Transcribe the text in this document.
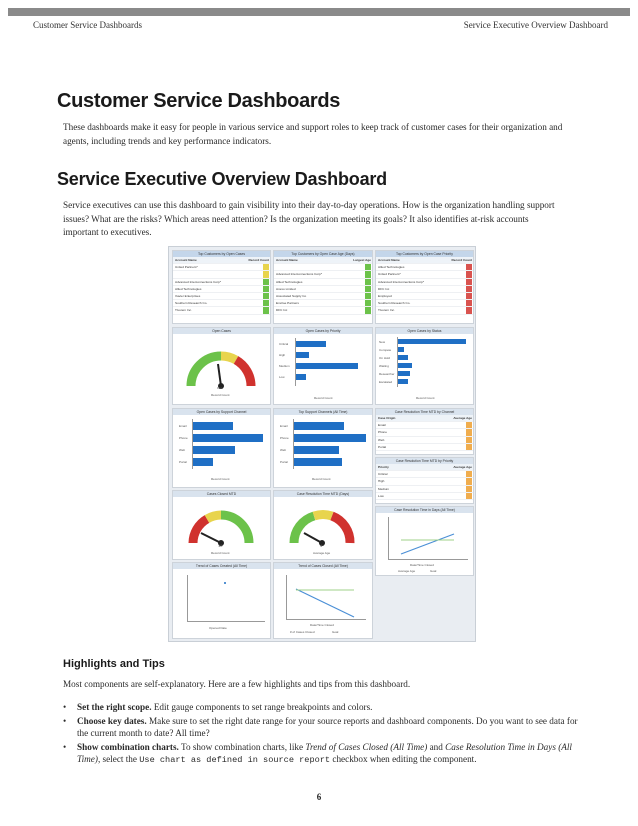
Customer Service Dashboards	Service Executive Overview Dashboard
Customer Service Dashboards

These dashboards make it easy for people in various service and support roles to keep track of customer cases for their organization and agents, including trends and key performance indicators.

Service Executive Overview Dashboard

Service executives can use this dashboard to gain visibility into their day-to-day operations. How is the organization handling support issues? What are the risks? Which areas need attention? Is the organization meeting its goals? It also identifies at-risk accounts important to executives.

Top Customers by Open Cases
Account Name	Record Count
United Partners*
Advanced Interconnections Corp*
Allied Technologies
Xavier Enterprises
Southern Research Co.
Tivorem Inc.
Top Customers by Open Case Age (Days)
Account Name	Largest Age
Advanced Interconnections Corp*
Allied Technologies
Anexo Limited
Associated Supply Co
Emcloe Partners
DFC Inc
Top Customers by Open Case Priority
Account Name	Record Count
Allied Technologies
United Partners*
Advanced Interconnections Corp*
DFC Inc
Employed
Southern Research Co.
Tivorem Inc.
Open Cases
101
Record Count
Open Cases by Priority
Critical
High
Medium
Low
Record Count
Open Cases by Status
New
Compete
On Hold
Waiting
Researcher
Escalated
Record Count
Open Cases by Support Channel
Email
Phone
Web
Portal
Record Count
Top Support Channels (All Time)
Email
Phone
Web
Portal
Record Count
Case Resolution Time MTD by Channel
Case Origin	Average Age
Email
Phone
Web
Portal
Case Resolution Time MTD by Priority
Priority	Average Age
Critical
High
Medium
Low
Cases Closed MTD
12
Record Count
Case Resolution Time MTD (Days)
4
Average Age
Case Resolution Time in Days (All Time)
Date/Time Closed
Average Age	Goal
Trend of Cases Created (All Time)
Opened Date
Trend of Cases Closed (All Time)
Date/Time Closed
# of Cases Closed	Goal
Highlights and Tips

Most components are self-explanatory. Here are a few highlights and tips from this dashboard.

• Set the right scope. Edit gauge components to set range breakpoints and colors.
• Choose key dates. Make sure to set the right date range for your source reports and dashboard components. Do you want to see data for the current month to date? All time?
• Show combination charts. To show combination charts, like Trend of Cases Closed (All Time) and Case Resolution Time in Days (All Time), select the Use chart as defined in source report checkbox when editing the component.
6
